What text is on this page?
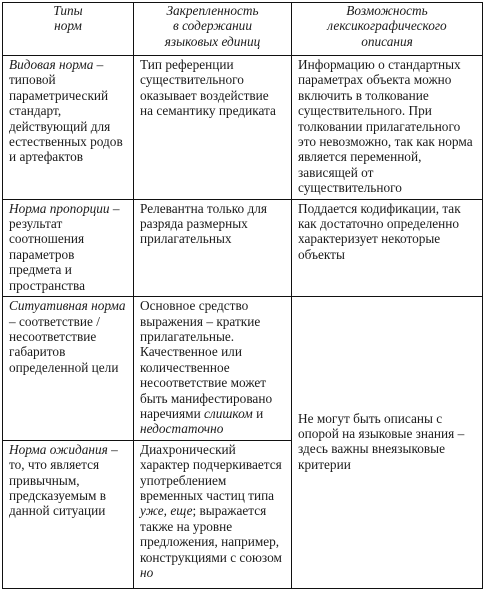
Типы
норм	Закрепленность
в содержании
языковых единиц	Возможность
лексикографического
описания

Видовая норма – типовой параметрический стандарт, действующий для естественных родов и артефактов	Тип референции существительного оказывает воздействие на семантику предиката	Информацию о стандартных параметрах объекта можно включить в толкование существительного. При толковании прилагательного это невозможно, так как норма является переменной, зависящей от существительного
Норма пропорции – результат соотношения параметров предмета и пространства	Релевантна только для разряда размерных прилагательных	Поддается кодификации, так как достаточно определенно характеризует некоторые объекты
Ситуативная норма – соответствие / несоответствие габаритов определенной цели	Основное средство выражения – краткие прилагательные. Качественное или количественное несоответствие может быть манифестировано наречиями слишком и недостаточно	Не могут быть описаны с опорой на языковые знания – здесь важны внеязыковые критерии
Норма ожидания – то, что является привычным, предсказуемым в данной ситуации	Диахронический характер подчеркивается употреблением временных частиц типа уже, еще; выражается также на уровне предложения, например, конструкциями с союзом но	
